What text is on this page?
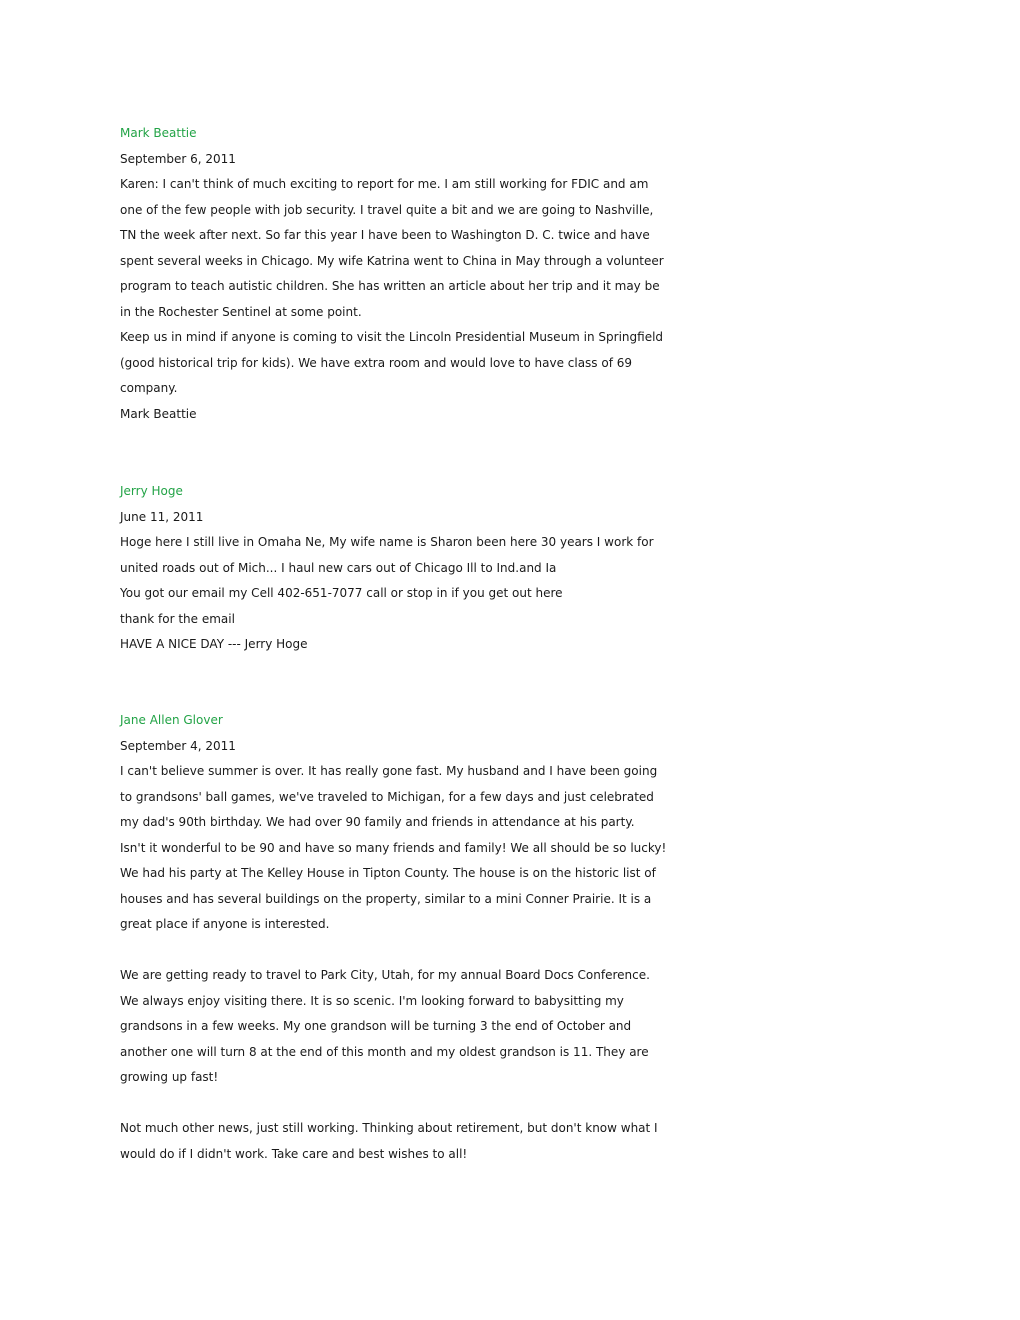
Mark Beattie
September 6, 2011
Karen: I can't think of much exciting to report for me. I am still working for FDIC and am
one of the few people with job security. I travel quite a bit and we are going to Nashville,
TN the week after next. So far this year I have been to Washington D. C. twice and have
spent several weeks in Chicago. My wife Katrina went to China in May through a volunteer
program to teach autistic children. She has written an article about her trip and it may be
in the Rochester Sentinel at some point.
Keep us in mind if anyone is coming to visit the Lincoln Presidential Museum in Springfield
(good historical trip for kids). We have extra room and would love to have class of 69
company.
Mark Beattie
Jerry Hoge
June 11, 2011
Hoge here I still live in Omaha Ne, My wife name is Sharon been here 30 years I work for
united roads out of Mich... I haul new cars out of Chicago Ill to Ind.and Ia
You got our email my Cell 402-651-7077 call or stop in if you get out here
thank for the email
HAVE A NICE DAY --- Jerry Hoge
Jane Allen Glover
September 4, 2011
I can't believe summer is over. It has really gone fast. My husband and I have been going
to grandsons' ball games, we've traveled to Michigan, for a few days and just celebrated
my dad's 90th birthday. We had over 90 family and friends in attendance at his party.
Isn't it wonderful to be 90 and have so many friends and family! We all should be so lucky!
We had his party at The Kelley House in Tipton County. The house is on the historic list of
houses and has several buildings on the property, similar to a mini Conner Prairie. It is a
great place if anyone is interested.
We are getting ready to travel to Park City, Utah, for my annual Board Docs Conference.
We always enjoy visiting there. It is so scenic. I'm looking forward to babysitting my
grandsons in a few weeks. My one grandson will be turning 3 the end of October and
another one will turn 8 at the end of this month and my oldest grandson is 11. They are
growing up fast!
Not much other news, just still working. Thinking about retirement, but don't know what I
would do if I didn't work. Take care and best wishes to all!
